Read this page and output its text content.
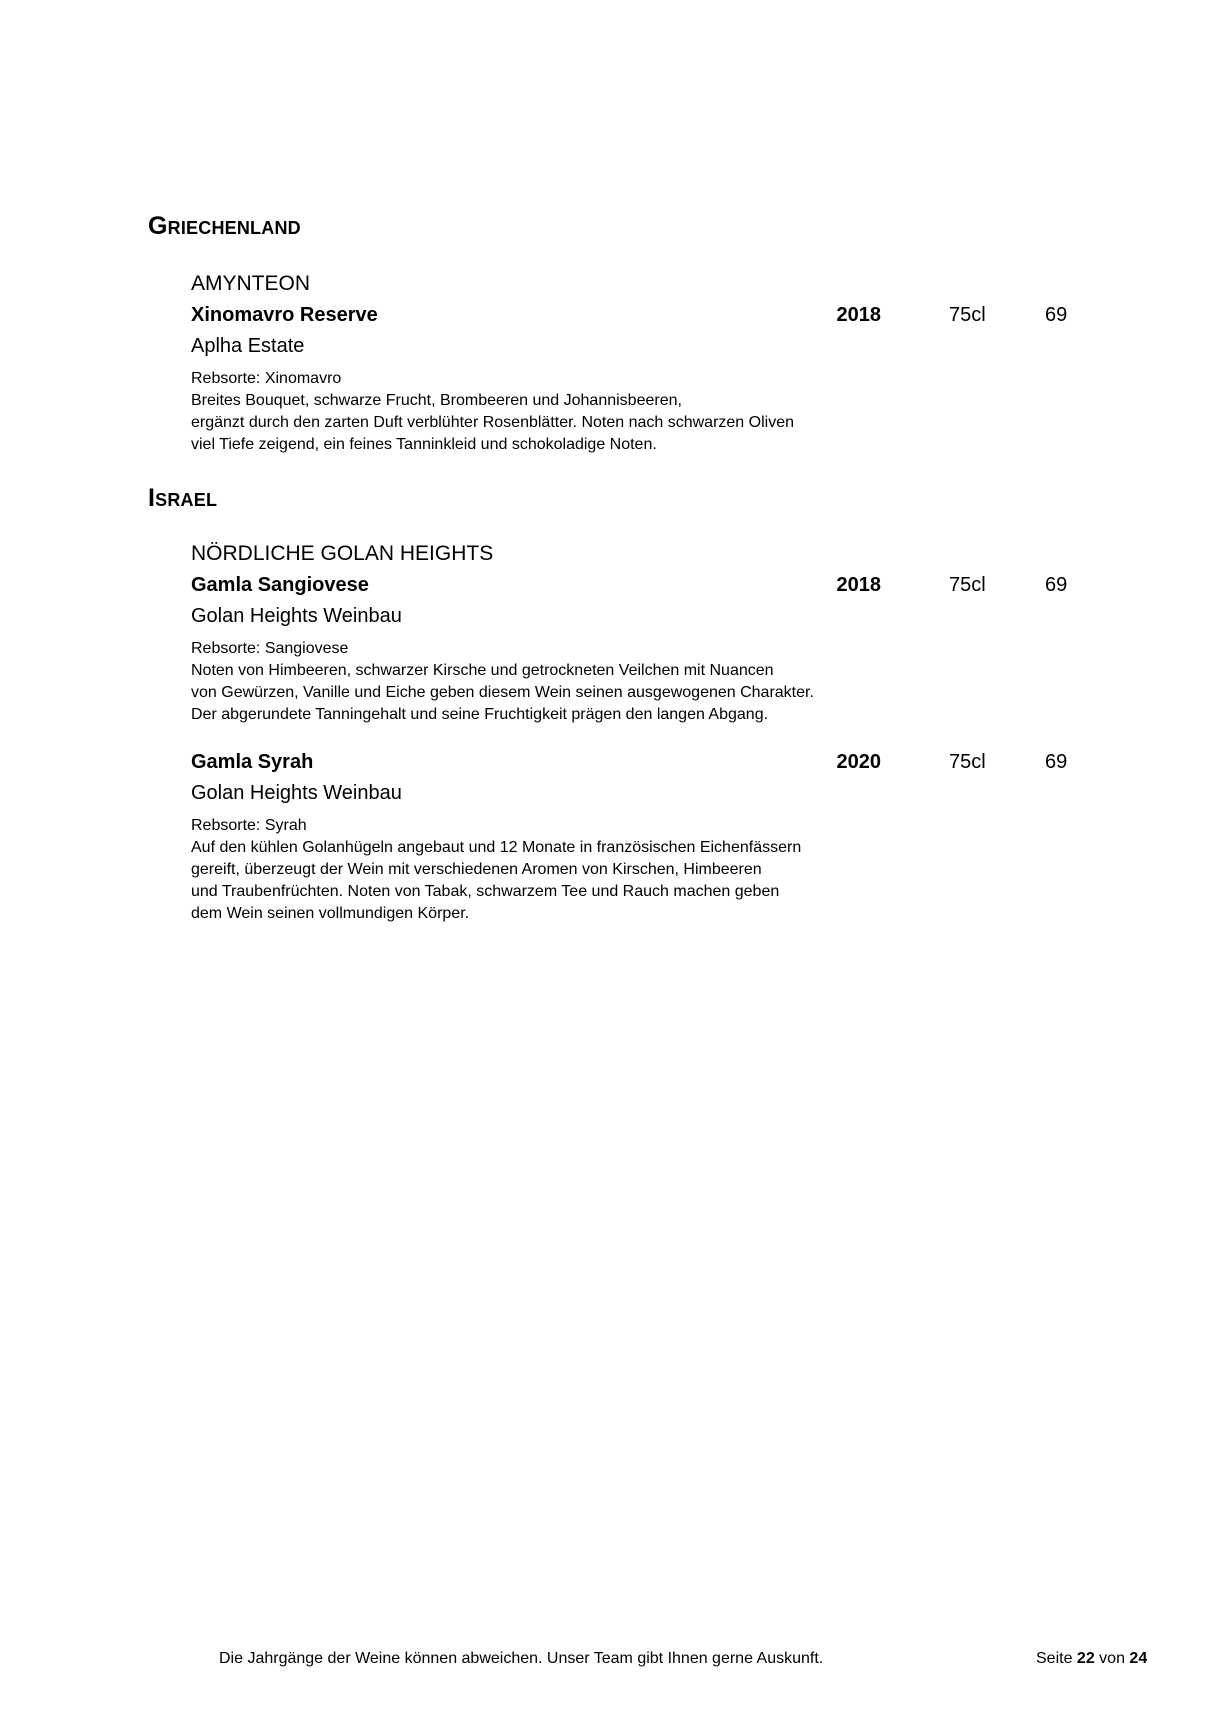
Griechenland
AMYNTEON
Xinomavro Reserve	2018	75cl	69
Aplha Estate
Rebsorte: Xinomavro
Breites Bouquet, schwarze Frucht, Brombeeren und Johannisbeeren,
ergänzt durch den zarten Duft verblühter Rosenblätter. Noten nach schwarzen Oliven
viel Tiefe zeigend, ein feines Tanninkleid und schokoladige Noten.
Israel
NÖRDLICHE GOLAN HEIGHTS
Gamla Sangiovese	2018	75cl	69
Golan Heights Weinbau
Rebsorte: Sangiovese
Noten von Himbeeren, schwarzer Kirsche und getrockneten Veilchen mit Nuancen
von Gewürzen, Vanille und Eiche geben diesem Wein seinen ausgewogenen Charakter.
Der abgerundete Tanningehalt und seine Fruchtigkeit prägen den langen Abgang.
Gamla Syrah	2020	75cl	69
Golan Heights Weinbau
Rebsorte: Syrah
Auf den kühlen Golanhügeln angebaut und 12 Monate in französischen Eichenfässern
gereift, überzeugt der Wein mit verschiedenen Aromen von Kirschen, Himbeeren
und Traubenfrüchten. Noten von Tabak, schwarzem Tee und Rauch machen geben
dem Wein seinen vollmundigen Körper.
Die Jahrgänge der Weine können abweichen. Unser Team gibt Ihnen gerne Auskunft.	Seite 22 von 24
